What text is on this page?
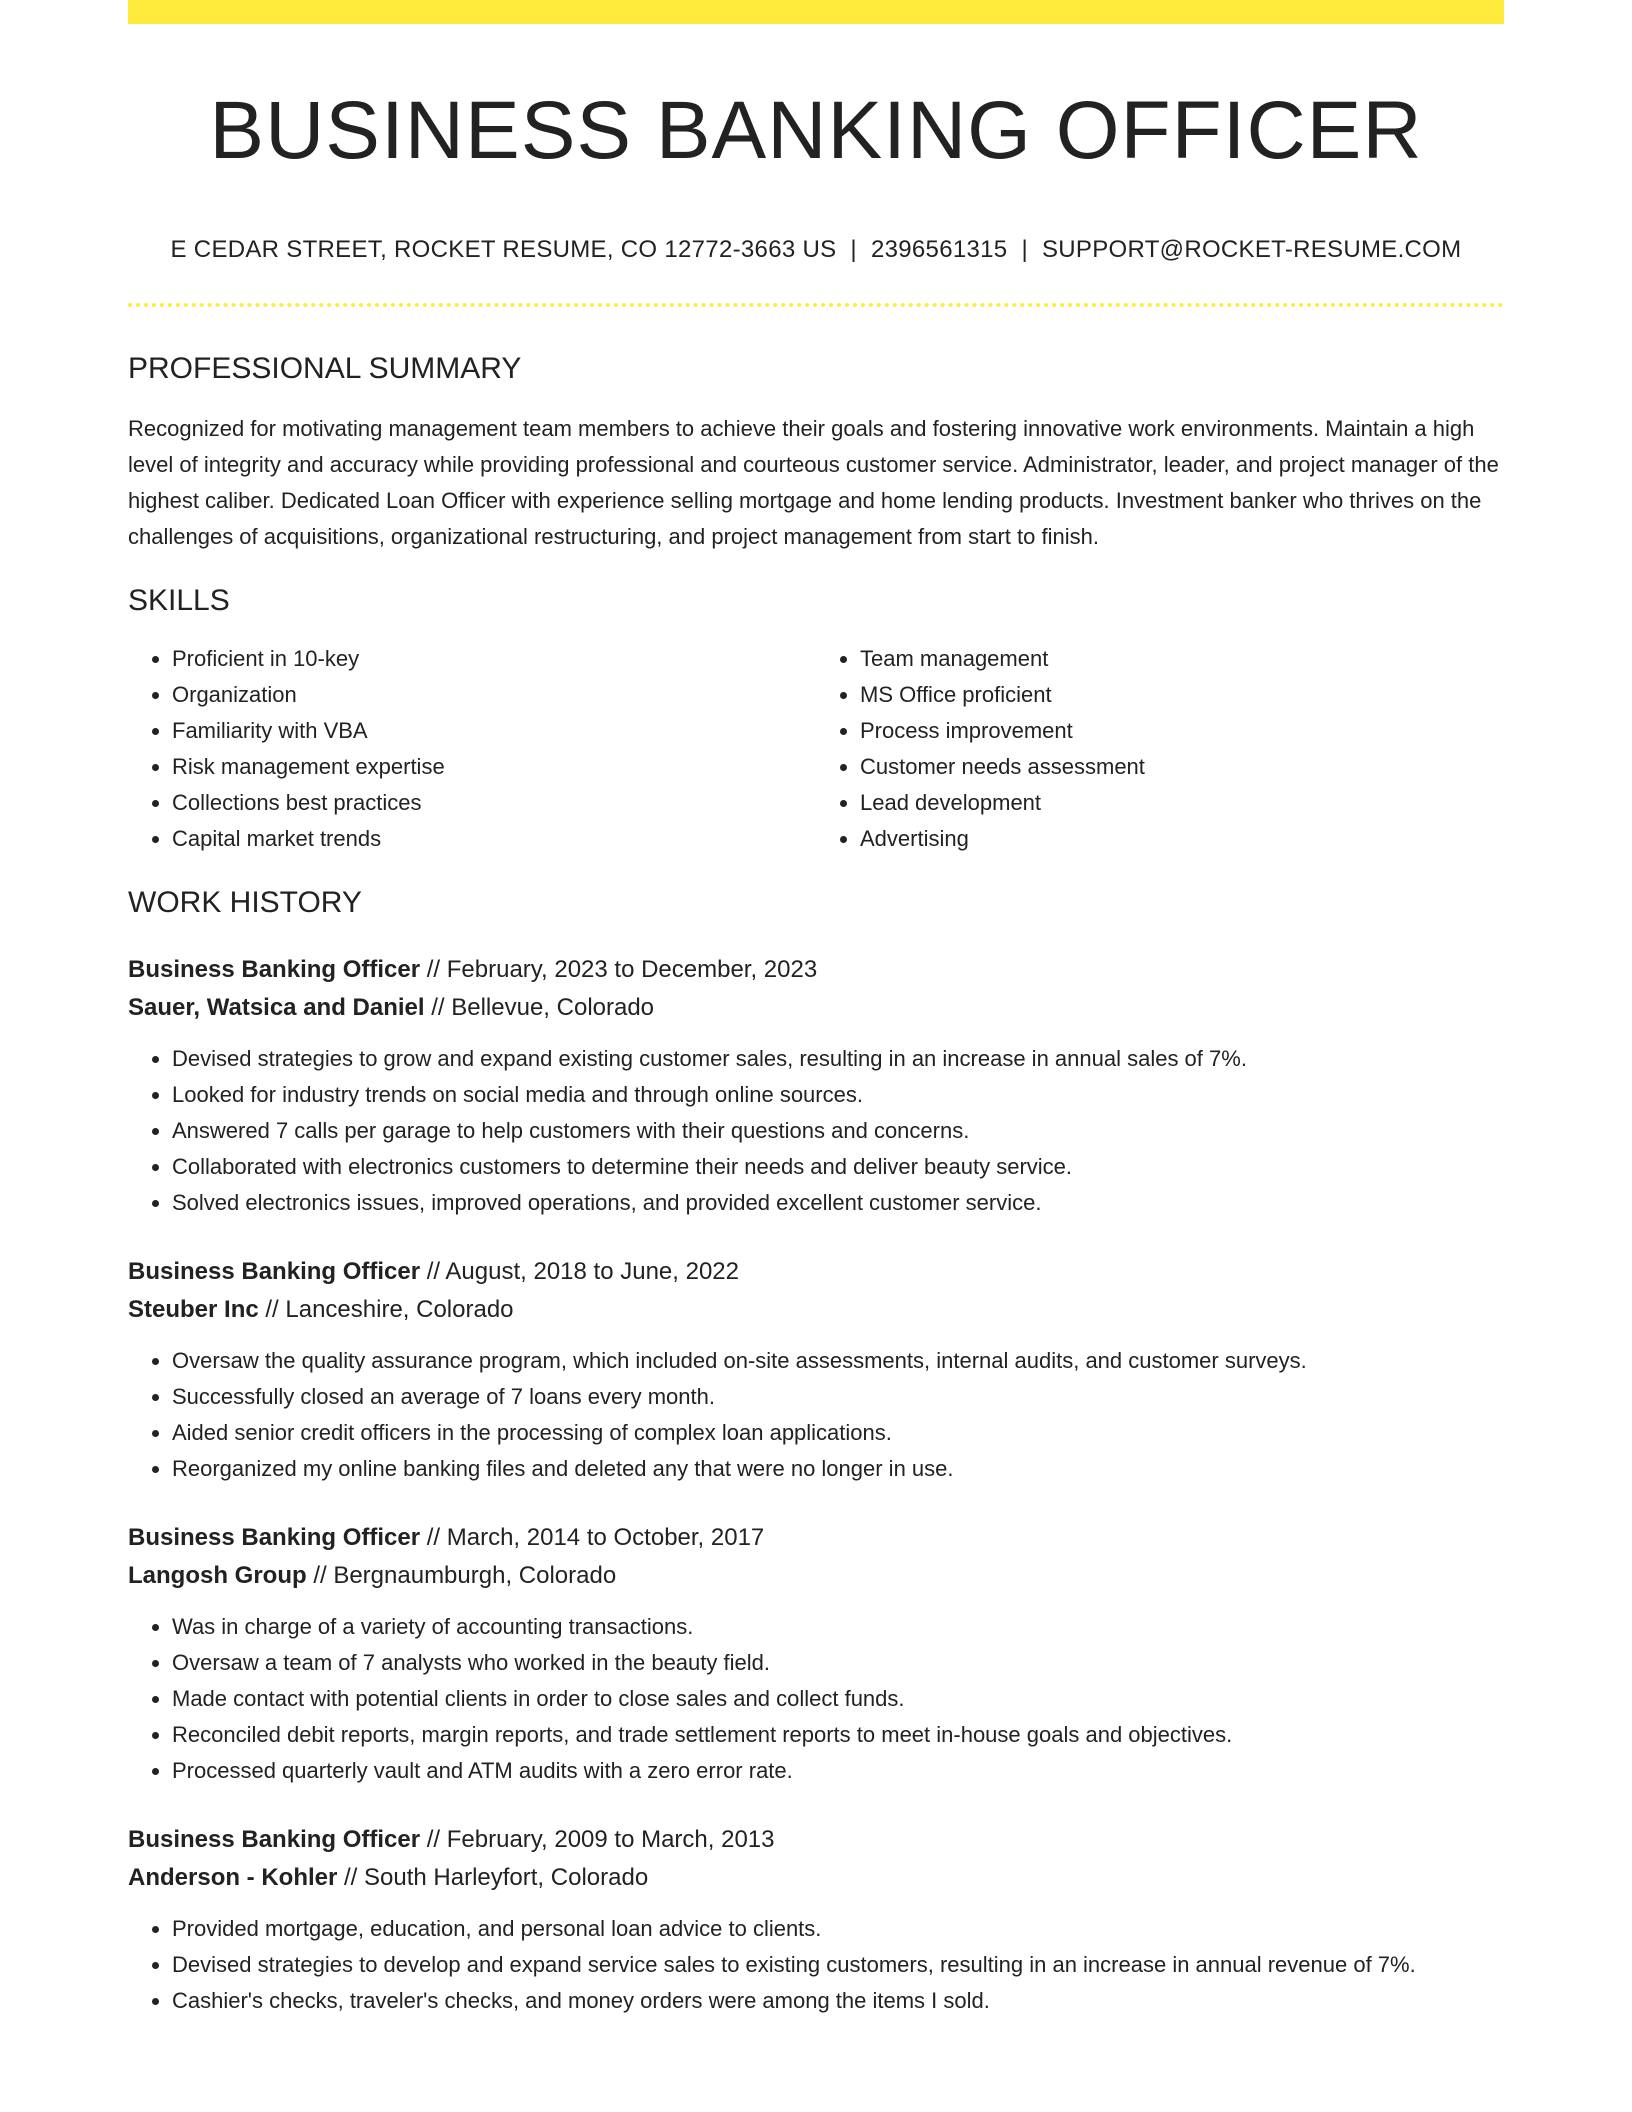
BUSINESS BANKING OFFICER
E CEDAR STREET, ROCKET RESUME, CO 12772-3663 US | 2396561315 | SUPPORT@ROCKET-RESUME.COM
PROFESSIONAL SUMMARY
Recognized for motivating management team members to achieve their goals and fostering innovative work environments. Maintain a high level of integrity and accuracy while providing professional and courteous customer service. Administrator, leader, and project manager of the highest caliber. Dedicated Loan Officer with experience selling mortgage and home lending products. Investment banker who thrives on the challenges of acquisitions, organizational restructuring, and project management from start to finish.
SKILLS
• Proficient in 10-key
• Organization
• Familiarity with VBA
• Risk management expertise
• Collections best practices
• Capital market trends
• Team management
• MS Office proficient
• Process improvement
• Customer needs assessment
• Lead development
• Advertising
WORK HISTORY
Business Banking Officer // February, 2023 to December, 2023
Sauer, Watsica and Daniel // Bellevue, Colorado
• Devised strategies to grow and expand existing customer sales, resulting in an increase in annual sales of 7%.
• Looked for industry trends on social media and through online sources.
• Answered 7 calls per garage to help customers with their questions and concerns.
• Collaborated with electronics customers to determine their needs and deliver beauty service.
• Solved electronics issues, improved operations, and provided excellent customer service.
Business Banking Officer // August, 2018 to June, 2022
Steuber Inc // Lanceshire, Colorado
• Oversaw the quality assurance program, which included on-site assessments, internal audits, and customer surveys.
• Successfully closed an average of 7 loans every month.
• Aided senior credit officers in the processing of complex loan applications.
• Reorganized my online banking files and deleted any that were no longer in use.
Business Banking Officer // March, 2014 to October, 2017
Langosh Group // Bergnaumburgh, Colorado
• Was in charge of a variety of accounting transactions.
• Oversaw a team of 7 analysts who worked in the beauty field.
• Made contact with potential clients in order to close sales and collect funds.
• Reconciled debit reports, margin reports, and trade settlement reports to meet in-house goals and objectives.
• Processed quarterly vault and ATM audits with a zero error rate.
Business Banking Officer // February, 2009 to March, 2013
Anderson - Kohler // South Harleyfort, Colorado
• Provided mortgage, education, and personal loan advice to clients.
• Devised strategies to develop and expand service sales to existing customers, resulting in an increase in annual revenue of 7%.
• Cashier's checks, traveler's checks, and money orders were among the items I sold.
